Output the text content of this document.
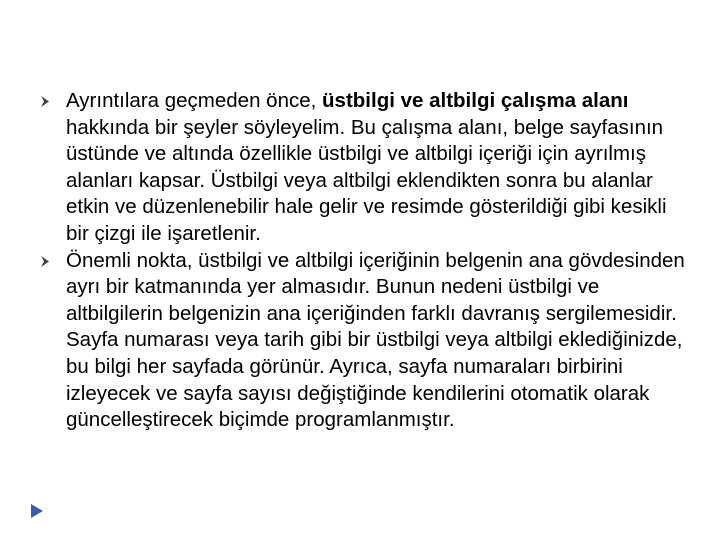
Ayrıntılara geçmeden önce, üstbilgi ve altbilgi çalışma alanı hakkında bir şeyler söyleyelim. Bu çalışma alanı, belge sayfasının üstünde ve altında özellikle üstbilgi ve altbilgi içeriği için ayrılmış alanları kapsar. Üstbilgi veya altbilgi eklendikten sonra bu alanlar etkin ve düzenlenebilir hale gelir ve resimde gösterildiği gibi kesikli bir çizgi ile işaretlenir.

Önemli nokta, üstbilgi ve altbilgi içeriğinin belgenin ana gövdesinden ayrı bir katmanında yer almasıdır. Bunun nedeni üstbilgi ve altbilgilerin belgenizin ana içeriğinden farklı davranış sergilemesidir. Sayfa numarası veya tarih gibi bir üstbilgi veya altbilgi eklediğinizde, bu bilgi her sayfada görünür. Ayrıca, sayfa numaraları birbirini izleyecek ve sayfa sayısı değiştiğinde kendilerini otomatik olarak güncelleştirecek biçimde programlanmıştır.
